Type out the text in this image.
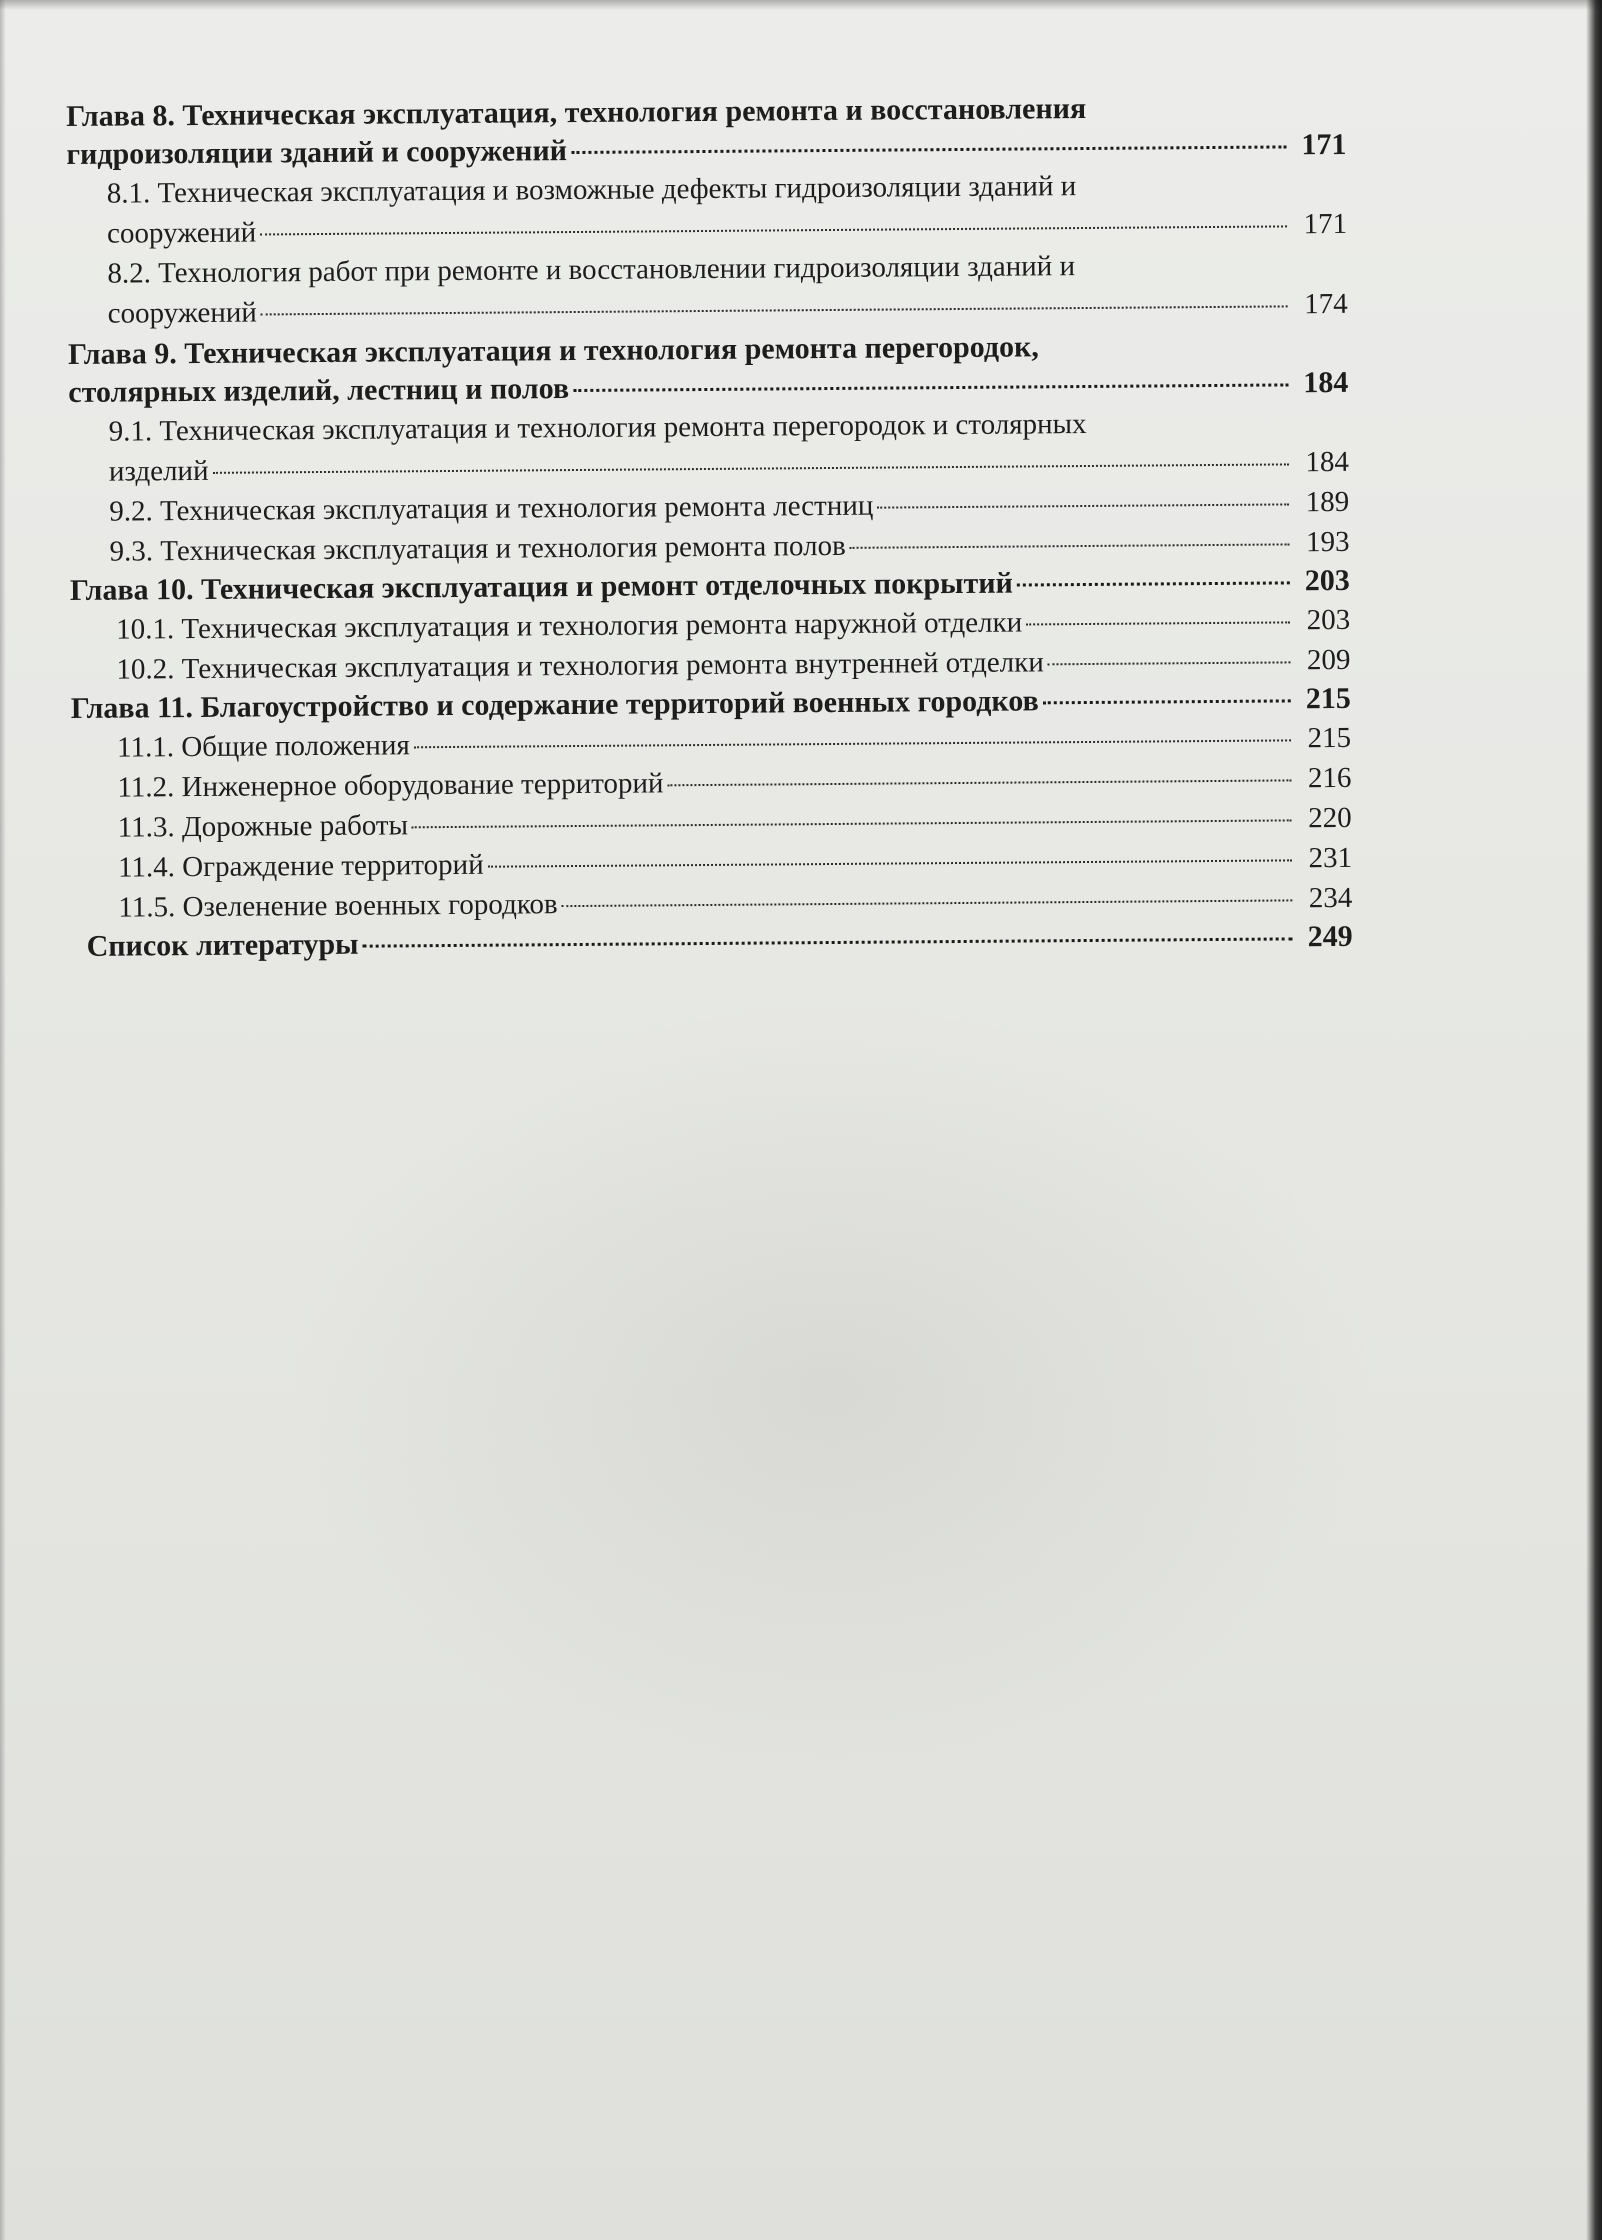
Глава 8. Техническая эксплуатация, технология ремонта и восстановления
гидроизоляции зданий и сооружений	171
8.1. Техническая эксплуатация и возможные дефекты гидроизоляции зданий и
сооружений	171
8.2. Технология работ при ремонте и восстановлении гидроизоляции зданий и
сооружений	174
Глава 9. Техническая эксплуатация и технология ремонта перегородок,
столярных изделий, лестниц и полов	184
9.1. Техническая эксплуатация и технология ремонта перегородок и столярных
изделий	184
9.2. Техническая эксплуатация и технология ремонта лестниц	189
9.3. Техническая эксплуатация и технология ремонта полов	193
Глава 10. Техническая эксплуатация и ремонт отделочных покрытий	203
10.1. Техническая эксплуатация и технология ремонта наружной отделки	203
10.2. Техническая эксплуатация и технология ремонта внутренней отделки	209
Глава 11. Благоустройство и содержание территорий военных городков	215
11.1. Общие положения	215
11.2. Инженерное оборудование территорий	216
11.3. Дорожные работы	220
11.4. Ограждение территорий	231
11.5. Озеленение военных городков	234
Список литературы	249
